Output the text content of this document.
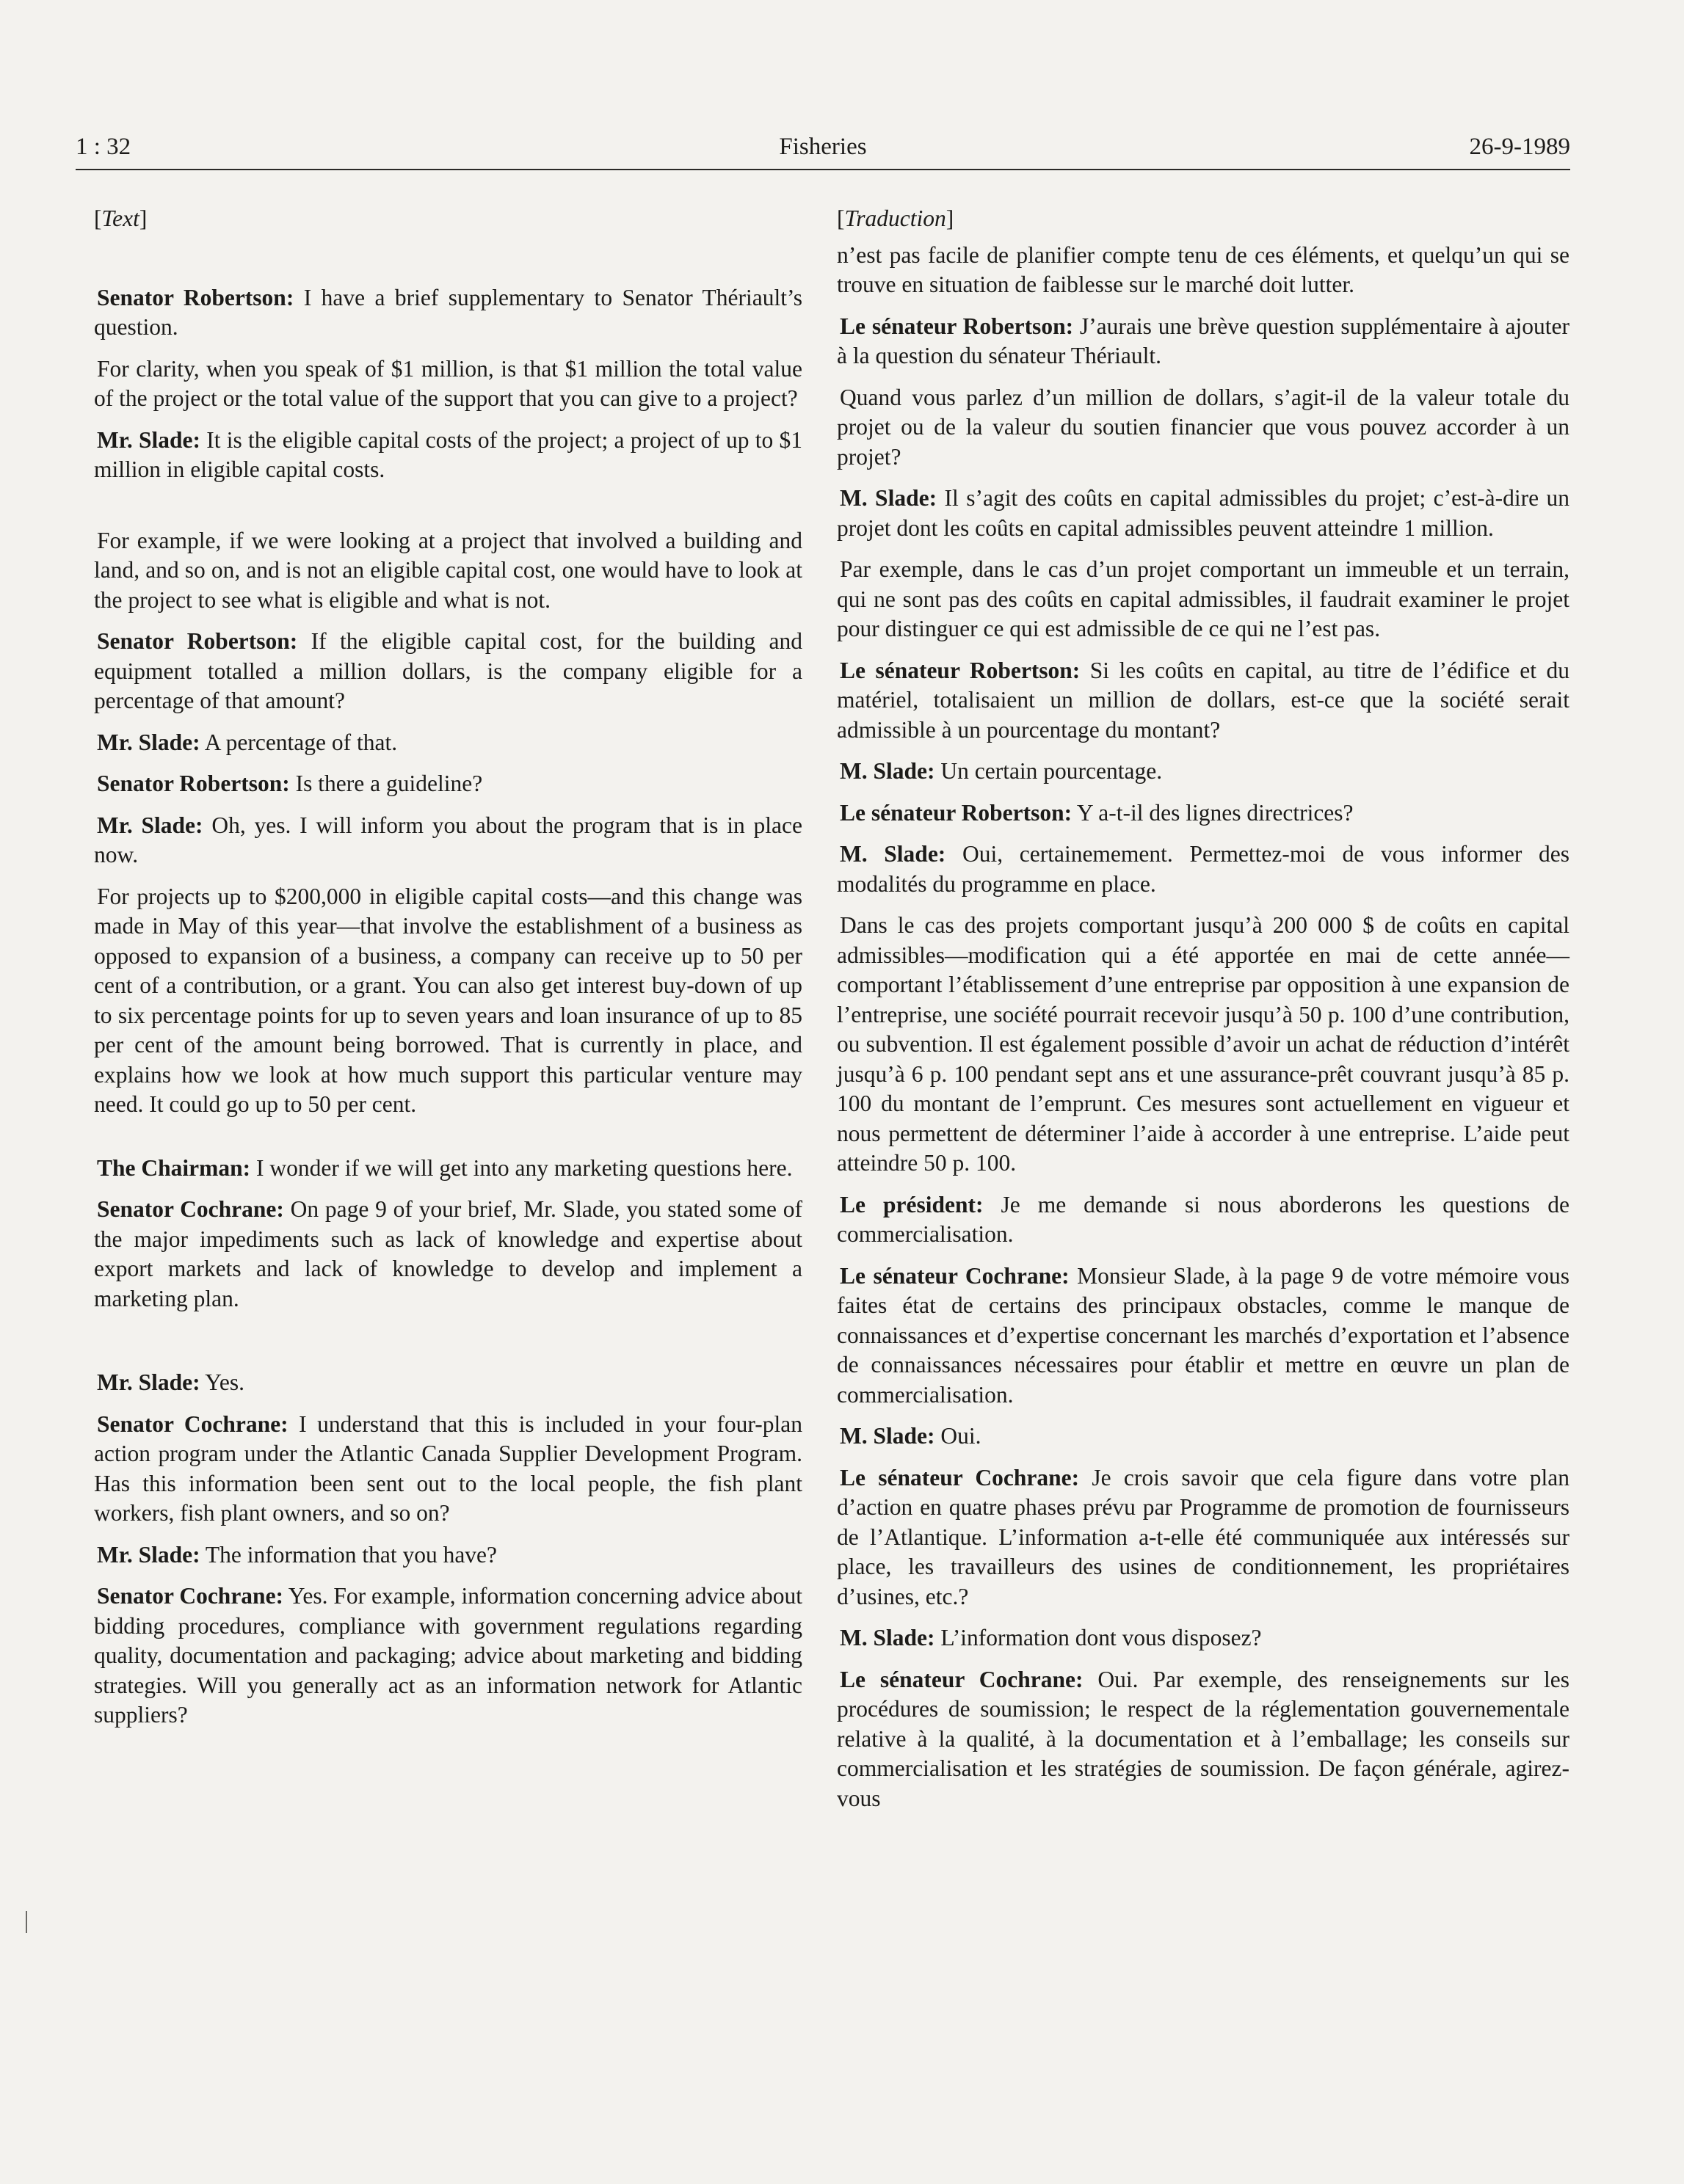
1 : 32	Fisheries	26-9-1989

[Text]

Senator Robertson: I have a brief supplementary to Senator Thériault’s question.

For clarity, when you speak of $1 million, is that $1 million the total value of the project or the total value of the support that you can give to a project?

Mr. Slade: It is the eligible capital costs of the project; a project of up to $1 million in eligible capital costs.

For example, if we were looking at a project that involved a building and land, and so on, and is not an eligible capital cost, one would have to look at the project to see what is eligible and what is not.

Senator Robertson: If the eligible capital cost, for the building and equipment totalled a million dollars, is the company eligible for a percentage of that amount?

Mr. Slade: A percentage of that.

Senator Robertson: Is there a guideline?

Mr. Slade: Oh, yes. I will inform you about the program that is in place now.

For projects up to $200,000 in eligible capital costs—and this change was made in May of this year—that involve the establishment of a business as opposed to expansion of a business, a company can receive up to 50 per cent of a contribution, or a grant. You can also get interest buy-down of up to six percentage points for up to seven years and loan insurance of up to 85 per cent of the amount being borrowed. That is currently in place, and explains how we look at how much support this particular venture may need. It could go up to 50 per cent.

The Chairman: I wonder if we will get into any marketing questions here.

Senator Cochrane: On page 9 of your brief, Mr. Slade, you stated some of the major impediments such as lack of knowledge and expertise about export markets and lack of knowledge to develop and implement a marketing plan.

Mr. Slade: Yes.

Senator Cochrane: I understand that this is included in your four-plan action program under the Atlantic Canada Supplier Development Program. Has this information been sent out to the local people, the fish plant workers, fish plant owners, and so on?

Mr. Slade: The information that you have?

Senator Cochrane: Yes. For example, information concerning advice about bidding procedures, compliance with government regulations regarding quality, documentation and packaging; advice about marketing and bidding strategies. Will you generally act as an information network for Atlantic suppliers?

[Traduction]

n’est pas facile de planifier compte tenu de ces éléments, et quelqu’un qui se trouve en situation de faiblesse sur le marché doit lutter.

Le sénateur Robertson: J’aurais une brève question supplémentaire à ajouter à la question du sénateur Thériault.

Quand vous parlez d’un million de dollars, s’agit-il de la valeur totale du projet ou de la valeur du soutien financier que vous pouvez accorder à un projet?

M. Slade: Il s’agit des coûts en capital admissibles du projet; c’est-à-dire un projet dont les coûts en capital admissibles peuvent atteindre 1 million.

Par exemple, dans le cas d’un projet comportant un immeuble et un terrain, qui ne sont pas des coûts en capital admissibles, il faudrait examiner le projet pour distinguer ce qui est admissible de ce qui ne l’est pas.

Le sénateur Robertson: Si les coûts en capital, au titre de l’édifice et du matériel, totalisaient un million de dollars, est-ce que la société serait admissible à un pourcentage du montant?

M. Slade: Un certain pourcentage.

Le sénateur Robertson: Y a-t-il des lignes directrices?

M. Slade: Oui, certainemement. Permettez-moi de vous informer des modalités du programme en place.

Dans le cas des projets comportant jusqu’à 200 000 $ de coûts en capital admissibles—modification qui a été apportée en mai de cette année—comportant l’établissement d’une entreprise par opposition à une expansion de l’entreprise, une société pourrait recevoir jusqu’à 50 p. 100 d’une contribution, ou subvention. Il est également possible d’avoir un achat de réduction d’intérêt jusqu’à 6 p. 100 pendant sept ans et une assurance-prêt couvrant jusqu’à 85 p. 100 du montant de l’emprunt. Ces mesures sont actuellement en vigueur et nous permettent de déterminer l’aide à accorder à une entreprise. L’aide peut atteindre 50 p. 100.

Le président: Je me demande si nous aborderons les questions de commercialisation.

Le sénateur Cochrane: Monsieur Slade, à la page 9 de votre mémoire vous faites état de certains des principaux obstacles, comme le manque de connaissances et d’expertise concernant les marchés d’exportation et l’absence de connaissances nécessaires pour établir et mettre en œuvre un plan de commercialisation.

M. Slade: Oui.

Le sénateur Cochrane: Je crois savoir que cela figure dans votre plan d’action en quatre phases prévu par Programme de promotion de fournisseurs de l’Atlantique. L’information a-t-elle été communiquée aux intéressés sur place, les travailleurs des usines de conditionnement, les propriétaires d’usines, etc.?

M. Slade: L’information dont vous disposez?

Le sénateur Cochrane: Oui. Par exemple, des renseignements sur les procédures de soumission; le respect de la réglementation gouvernementale relative à la qualité, à la documentation et à l’emballage; les conseils sur commercialisation et les stratégies de soumission. De façon générale, agirez-vous
